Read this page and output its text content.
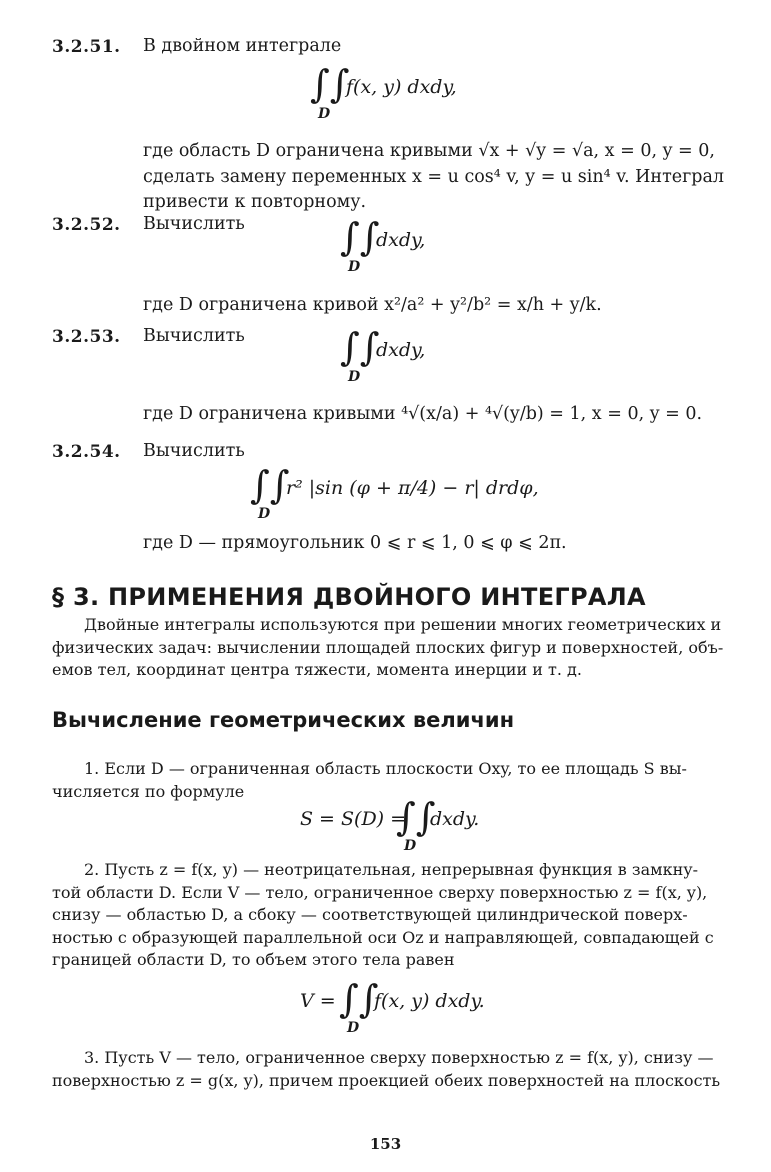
3.2.51. В двойном интеграле
∫∫
f(x, y) dxdy,
D
где область D ограничена кривыми √x + √y = √a, x = 0, y = 0,
сделать замену переменных x = u cos⁴ v, y = u sin⁴ v. Интеграл
привести к повторному.
3.2.52. Вычислить	∫∫
dxdy,
D
где D ограничена кривой x²/a² + y²/b² = x/h + y/k.
3.2.53. Вычислить	∫∫
dxdy,
D
где D ограничена кривыми ⁴√(x/a) + ⁴√(y/b) = 1, x = 0, y = 0.
3.2.54. Вычислить
∫∫
r² |sin (φ + π/4) − r| drdφ,
D
где D — прямоугольник 0 ⩽ r ⩽ 1, 0 ⩽ φ ⩽ 2π.
§ 3. ПРИМЕНЕНИЯ ДВОЙНОГО ИНТЕГРАЛА
Двойные интегралы используются при решении многих геометрических и
физических задач: вычислении площадей плоских фигур и поверхностей, объ-
емов тел, координат центра тяжести, момента инерции и т. д.
Вычисление геометрических величин
1. Если D — ограниченная область плоскости Oxy, то ее площадь S вы-
числяется по формуле
S = S(D) =
∫∫
dxdy.
D
2. Пусть z = f(x, y) — неотрицательная, непрерывная функция в замкну-
той области D. Если V — тело, ограниченное сверху поверхностью z = f(x, y),
снизу — областью D, а сбоку — соответствующей цилиндрической поверх-
ностью с образующей параллельной оси Oz и направляющей, совпадающей с
границей области D, то объем этого тела равен
V = ∫∫
f(x, y) dxdy.
D
3. Пусть V — тело, ограниченное сверху поверхностью z = f(x, y), снизу —
поверхностью z = g(x, y), причем проекцией обеих поверхностей на плоскость
153
